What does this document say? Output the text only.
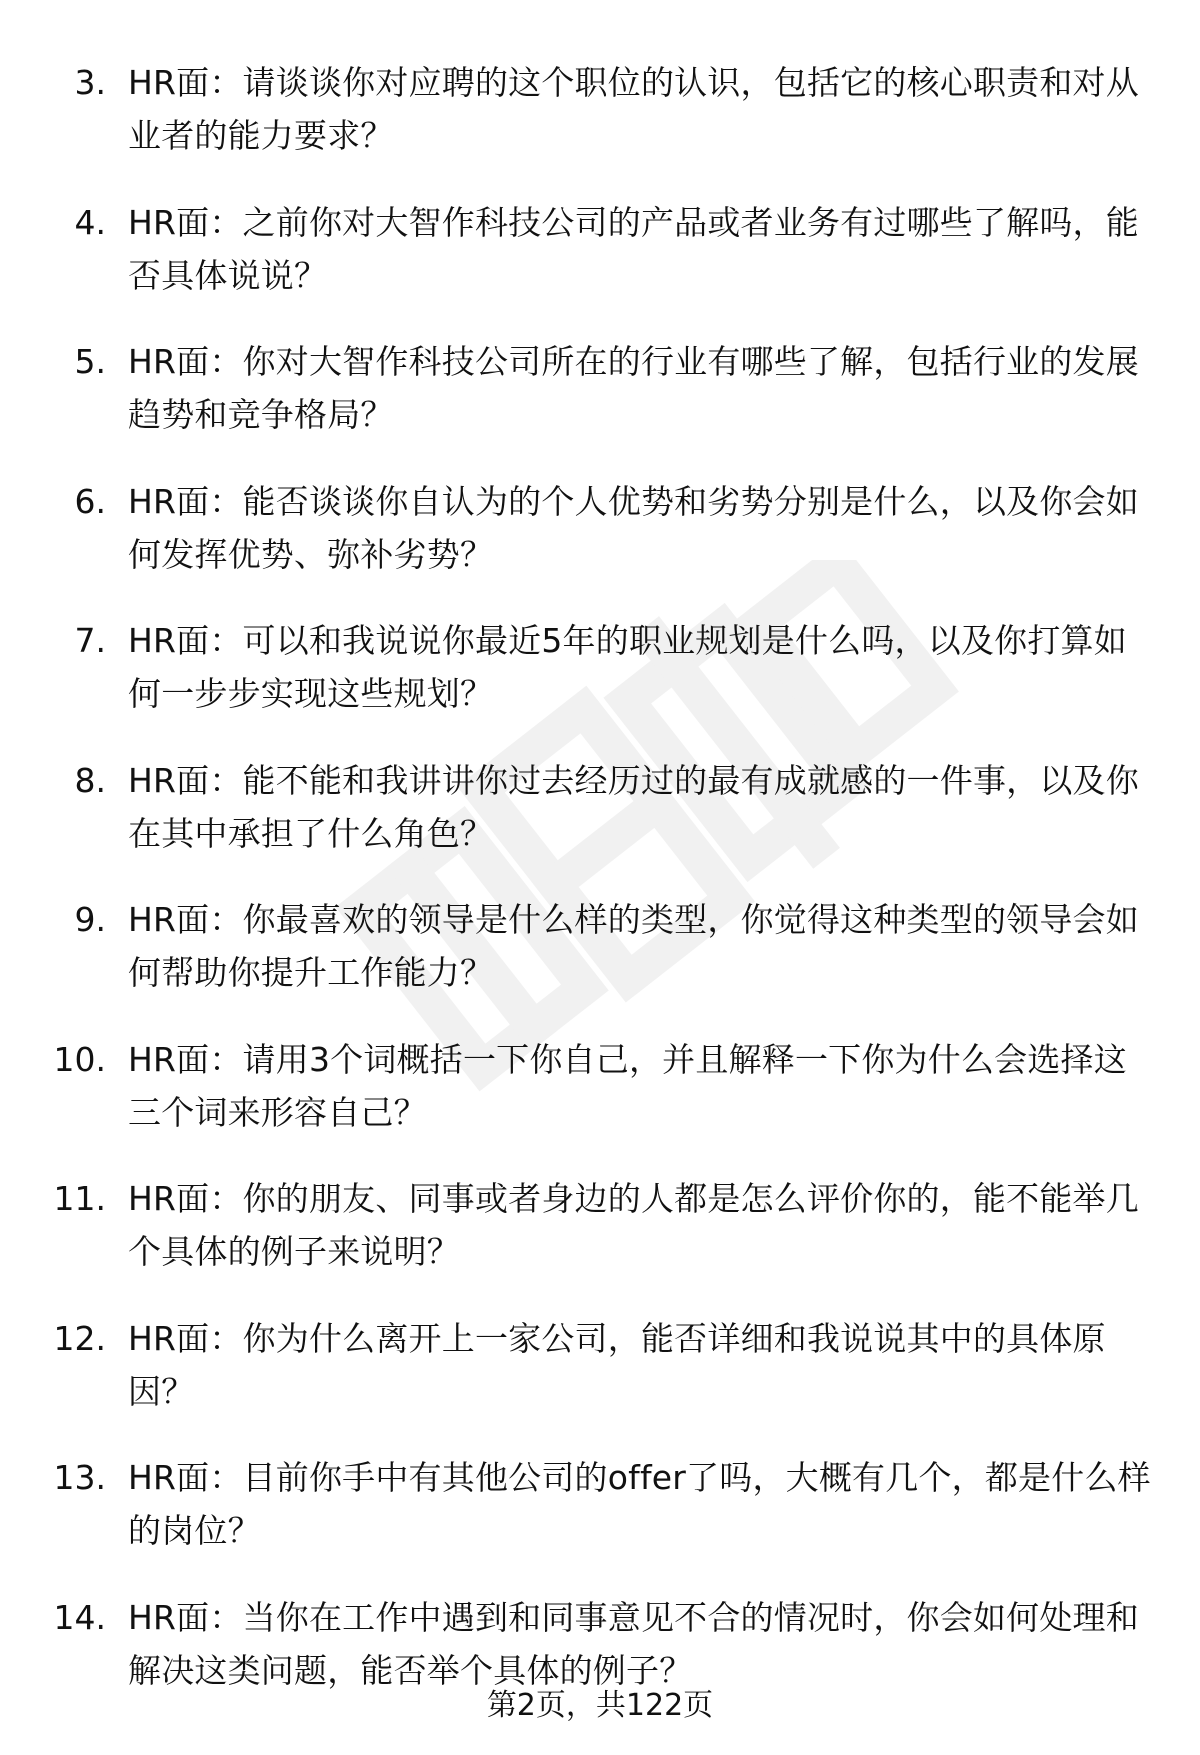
3. HR面：请谈谈你对应聘的这个职位的认识，包括它的核心职责和对从业者的能力要求？
4. HR面：之前你对大智作科技公司的产品或者业务有过哪些了解吗，能否具体说说？
5. HR面：你对大智作科技公司所在的行业有哪些了解，包括行业的发展趋势和竞争格局？
6. HR面：能否谈谈你自认为的个人优势和劣势分别是什么，以及你会如何发挥优势、弥补劣势？
7. HR面：可以和我说说你最近5年的职业规划是什么吗，以及你打算如何一步步实现这些规划？
8. HR面：能不能和我讲讲你过去经历过的最有成就感的一件事，以及你在其中承担了什么角色？
9. HR面：你最喜欢的领导是什么样的类型，你觉得这种类型的领导会如何帮助你提升工作能力？
10. HR面：请用3个词概括一下你自己，并且解释一下你为什么会选择这三个词来形容自己？
11. HR面：你的朋友、同事或者身边的人都是怎么评价你的，能不能举几个具体的例子来说明？
12. HR面：你为什么离开上一家公司，能否详细和我说说其中的具体原因？
13. HR面：目前你手中有其他公司的offer了吗，大概有几个，都是什么样的岗位？
14. HR面：当你在工作中遇到和同事意见不合的情况时，你会如何处理和解决这类问题，能否举个具体的例子？
第2页，共122页
